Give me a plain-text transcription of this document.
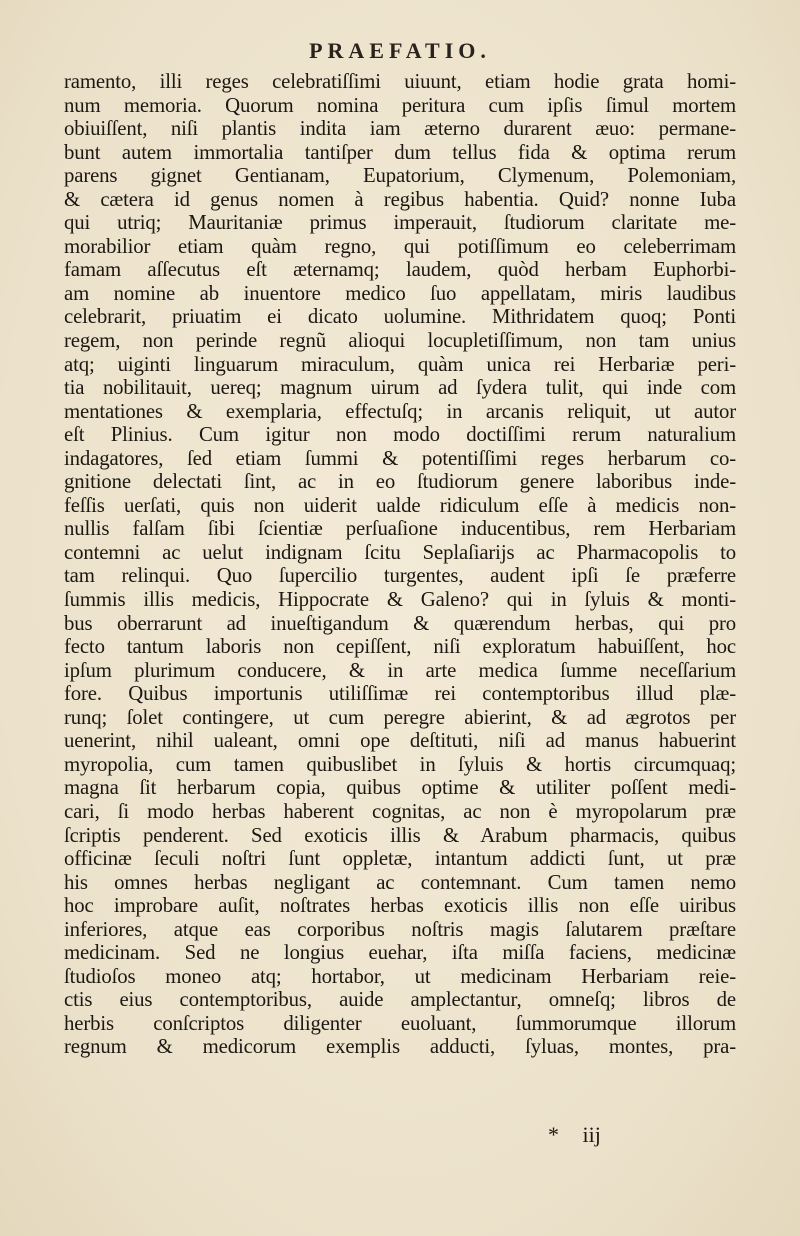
PRAEFATIO.
ramento, illi reges celebratiſſimi uiuunt, etiam hodie grata homi‐
num memoria. Quorum nomina peritura cum ipſis ſimul mortem
obiuiſſent, niſi plantis indita iam æterno durarent æuo: permane‐
bunt autem immortalia tantiſper dum tellus fida & optima rerum
parens gignet Gentianam, Eupatorium, Clymenum, Polemoniam,
& cætera id genus nomen à regibus habentia. Quid? nonne Iuba
qui utriq; Mauritaniæ primus imperauit, ſtudiorum claritate me‐
morabilior etiam quàm regno, qui potiſſimum eo celeberrimam
famam aſſecutus eſt æternamq; laudem, quòd herbam Euphorbi‐
am nomine ab inuentore medico ſuo appellatam, miris laudibus
celebrarit, priuatim ei dicato uolumine. Mithridatem quoq; Ponti
regem, non perinde regnũ alioqui locupletiſſimum, non tam unius
atq; uiginti linguarum miraculum, quàm unica rei Herbariæ peri‐
tia nobilitauit, uereq; magnum uirum ad ſydera tulit, qui inde com
mentationes & exemplaria, effectuſq; in arcanis reliquit, ut autor
eſt Plinius. Cum igitur non modo doctiſſimi rerum naturalium
indagatores, ſed etiam ſummi & potentiſſimi reges herbarum co‐
gnitione delectati ſint, ac in eo ſtudiorum genere laboribus inde‐
feſſis uerſati, quis non uiderit ualde ridiculum eſſe à medicis non‐
nullis falſam ſibi ſcientiæ perſuaſione inducentibus, rem Herbariam
contemni ac uelut indignam ſcitu Seplaſiarijs ac Pharmacopolis to
tam relinqui. Quo ſupercilio turgentes, audent ipſi ſe præferre
ſummis illis medicis, Hippocrate & Galeno? qui in ſyluis & monti‐
bus oberrarunt ad inueſtigandum & quærendum herbas, qui pro
fecto tantum laboris non cepiſſent, niſi exploratum habuiſſent, hoc
ipſum plurimum conducere, & in arte medica ſumme neceſſarium
fore. Quibus importunis utiliſſimæ rei contemptoribus illud plæ‐
runq; ſolet contingere, ut cum peregre abierint, & ad ægrotos per
uenerint, nihil ualeant, omni ope deſtituti, niſi ad manus habuerint
myropolia, cum tamen quibuslibet in ſyluis & hortis circumquaq;
magna ſit herbarum copia, quibus optime & utiliter poſſent medi‐
cari, ſi modo herbas haberent cognitas, ac non è myropolarum præ
ſcriptis penderent. Sed exoticis illis & Arabum pharmacis, quibus
officinæ ſeculi noſtri ſunt oppletæ, intantum addicti ſunt, ut præ
his omnes herbas negligant ac contemnant. Cum tamen nemo
hoc improbare auſit, noſtrates herbas exoticis illis non eſſe uiribus
inferiores, atque eas corporibus noſtris magis ſalutarem præſtare
medicinam. Sed ne longius euehar, iſta miſſa faciens, medicinæ
ſtudioſos moneo atq; hortabor, ut medicinam Herbariam reie‐
ctis eius contemptoribus, auide amplectantur, omneſq; libros de
herbis conſcriptos diligenter euoluant, ſummorumque illorum
regnum & medicorum exemplis adducti, ſyluas, montes, pra‐
* iij
